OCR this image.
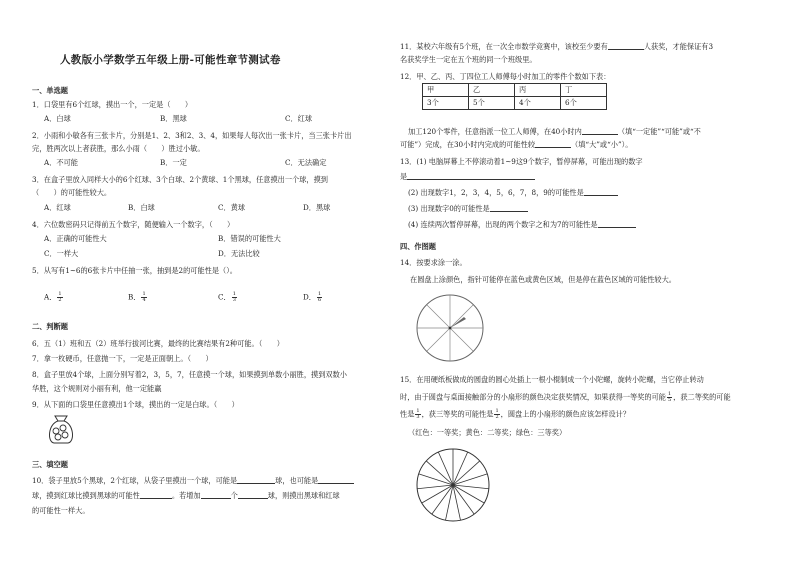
人教版小学数学五年级上册-可能性章节测试卷
一、单选题
1．口袋里有6个红球，摸出一个，一定是（　　）
A．白球	B．黑球	C．红球
2．小雨和小敏各有三张卡片，分别是1、2、3和2、3、4，如果每人每次出一张卡片，当三张卡片出
完，胜两次以上者获胜，那么小雨（　　）胜过小敏。
A．不可能	B．一定	C．无法确定
3．在盒子里放入同样大小的6个红球、3个白球、2个黄球、1个黑球，任意摸出一个球，摸到
（　　）的可能性较大。
A．红球	B．白球	C．黄球	D．黑球
4．六位数密码只记得前五个数字，随便输入一个数字，（　　）
A．正确的可能性大	B．错误的可能性大
C．一样大	D．无法比较
5．从写有1~6的6张卡片中任抽一张，抽到是2的可能性是（）。
A． $\frac{1}{2}$	B． $\frac{1}{4}$	C． $\frac{1}{3}$	D． $\frac{1}{6}$
二、判断题
6．五（1）班和五（2）班举行拔河比赛，最终的比赛结果有2种可能。（　　）
7．拿一枚硬币，任意抛一下，一定是正面朝上。（　　）
8．盒子里放4个球，上面分别写着2，3，5，7，任意摸一个球，如果摸到单数小丽胜，摸到双数小
华胜，这个规则对小丽有利，他一定能赢
9．从下面的口袋里任意摸出1个球，摸出的一定是白球。（　　）
三、填空题
10．袋子里放5个黑球，2个红球，从袋子里摸出一个球，可能是	球，也可能是
球，摸到红球比摸到黑球的可能性	。若增加	个	球，则摸出黑球和红球
的可能性一样大。
11．某校六年级有5个班，在一次全市数学竞赛中，该校至少要有	人获奖，才能保证有3
名获奖学生一定在五个班的同一个班级里。
12．甲、乙、丙、丁四位工人师傅每小时加工的零件个数如下表：
甲	乙	丙	丁
3个	5个	4个	6个
加工120个零件，任意指派一位工人师傅，在40小时内	（填“一定能”“可能”或“不
可能”）完成，在30小时内完成的可能性较	（填“大”或“小”）。
13．(1) 电脑屏幕上不停滚动着1~9这9个数字，暂停屏幕，可能出现的数字
是
(2) 出现数字1，2，3，4，5，6，7，8，9的可能性是
(3) 出现数字0的可能性是
(4) 连续两次暂停屏幕，出现的两个数字之和为7的可能性是
四、作图题
14．按要求涂一涂。
在圆盘上涂颜色，指针可能停在蓝色或黄色区域，但是停在蓝色区域的可能性较大。
15．在用硬纸板做成的圆盘的圆心处插上一根小棍制成一个小陀螺，旋转小陀螺，当它停止转动
时，由于圆盘与桌面接触部分的小扇形的颜色决定获奖情况，如果获得一等奖的可能 $\frac{1}{5}$ ，获二等奖的可能
性是 $\frac{1}{3}$ ，获三等奖的可能性是 $\frac{1}{2}$ ，圆盘上的小扇形的颜色应该怎样设计？
（红色：一等奖；黄色：二等奖；绿色：三等奖）
